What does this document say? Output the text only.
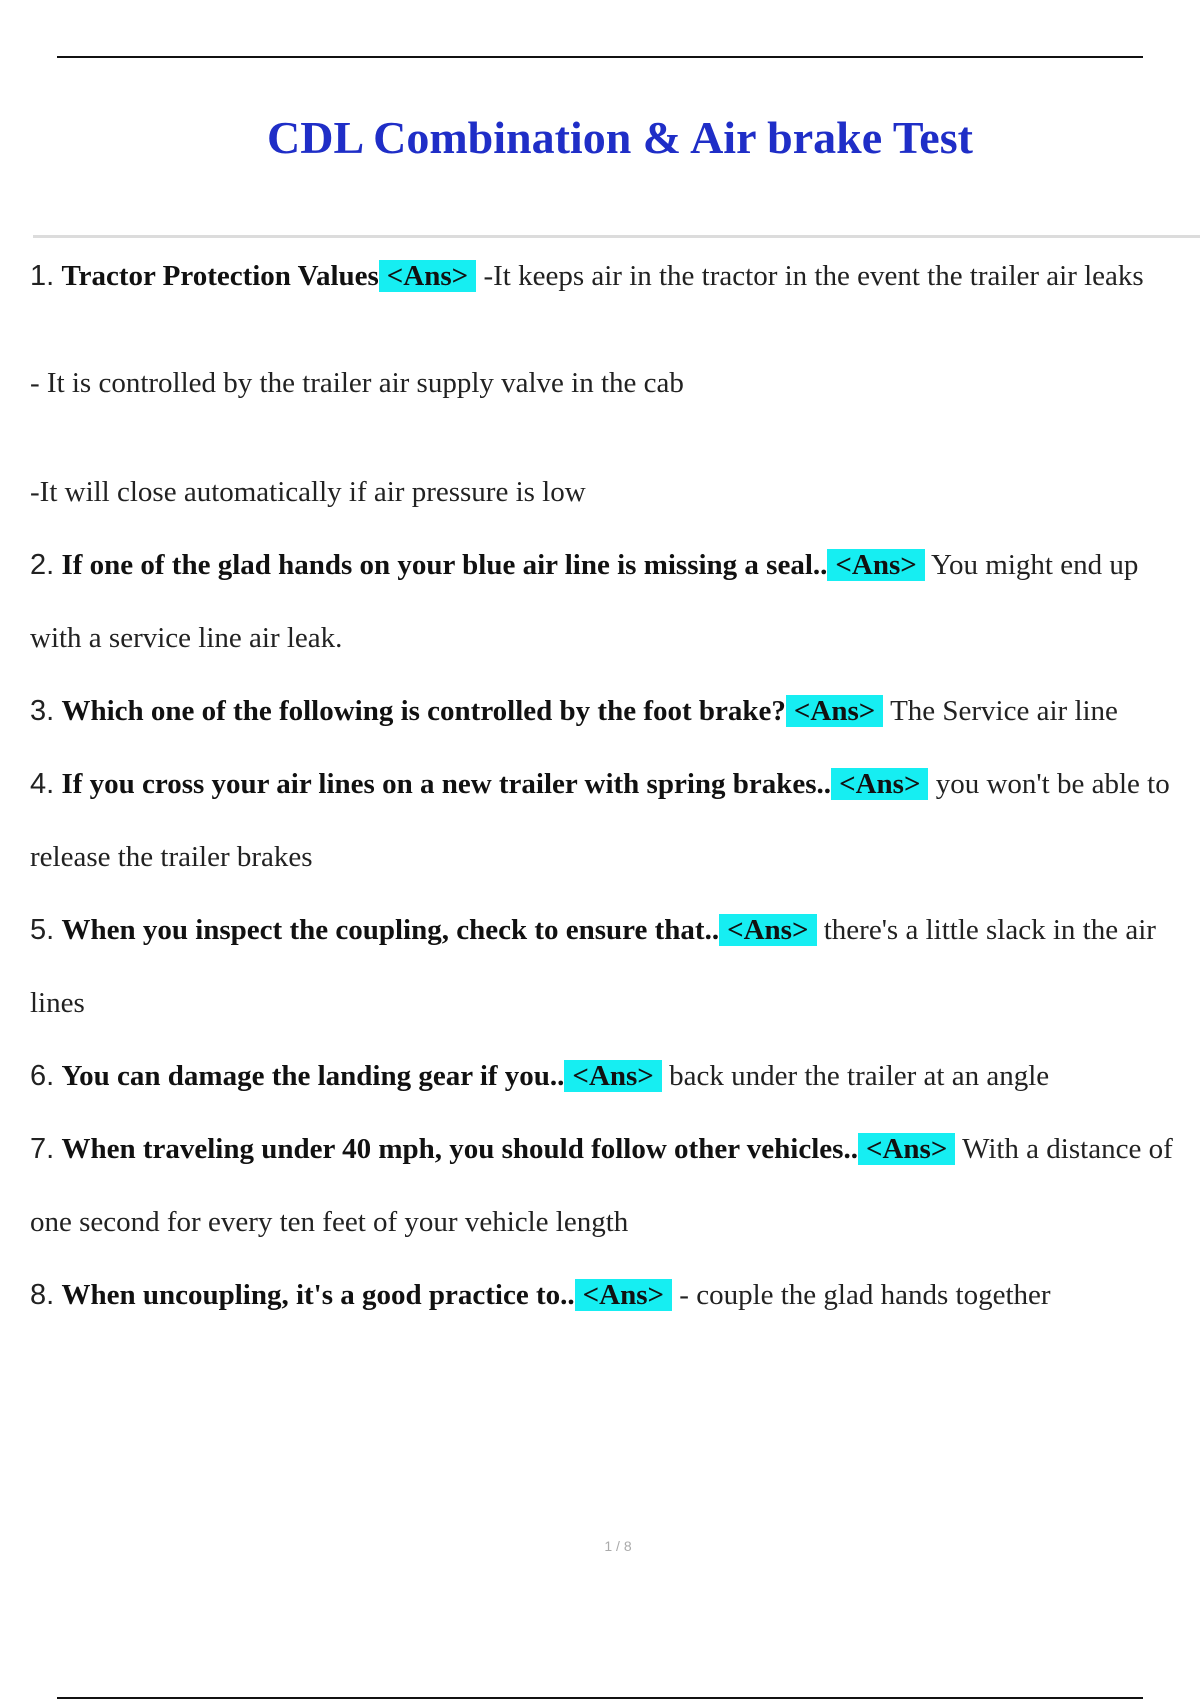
CDL Combination & Air brake Test

1. Tractor Protection Values <Ans> -It keeps air in the tractor in the event the trailer air leaks

- It is controlled by the trailer air supply valve in the cab

-It will close automatically if air pressure is low

2. If one of the glad hands on your blue air line is missing a seal.. <Ans> You might end up with a service line air leak.

3. Which one of the following is controlled by the foot brake? <Ans> The Service air line

4. If you cross your air lines on a new trailer with spring brakes.. <Ans> you won't be able to release the trailer brakes

5. When you inspect the coupling, check to ensure that.. <Ans> there's a little slack in the air lines

6. You can damage the landing gear if you.. <Ans> back under the trailer at an angle

7. When traveling under 40 mph, you should follow other vehicles.. <Ans> With a distance of one second for every ten feet of your vehicle length

8. When uncoupling, it's a good practice to.. <Ans> - couple the glad hands together

1 / 8
